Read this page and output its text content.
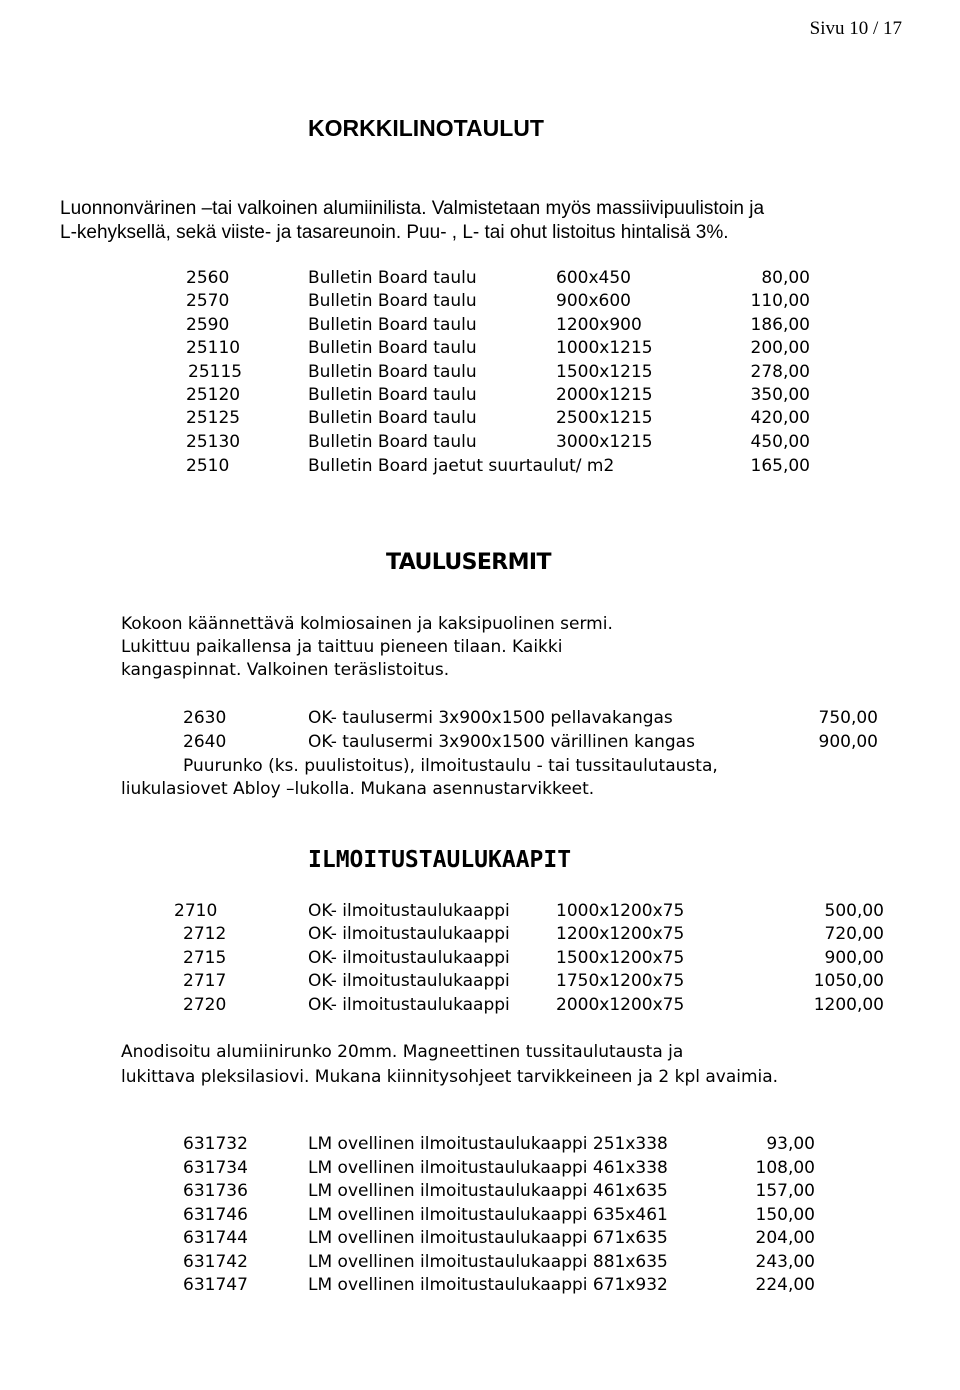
Sivu 10 / 17
KORKKILINOTAULUT
Luonnonvärinen –tai valkoinen alumiinilista. Valmistetaan myös massiivipuulistoin ja
L-kehyksellä, sekä viiste- ja tasareunoin. Puu- , L- tai ohut listoitus hintalisä 3%.
2560	Bulletin Board taulu	600x450	80,00
2570	Bulletin Board taulu	900x600	110,00
2590	Bulletin Board taulu	1200x900	186,00
25110	Bulletin Board taulu	1000x1215	200,00
25115	Bulletin Board taulu	1500x1215	278,00
25120	Bulletin Board taulu	2000x1215	350,00
25125	Bulletin Board taulu	2500x1215	420,00
25130	Bulletin Board taulu	3000x1215	450,00
2510	Bulletin Board jaetut suurtaulut/ m2	165,00
TAULUSERMIT
Kokoon käännettävä kolmiosainen ja kaksipuolinen sermi.
Lukittuu paikallensa ja taittuu pieneen tilaan. Kaikki
kangaspinnat. Valkoinen teräslistoitus.
2630	OK- taulusermi 3x900x1500 pellavakangas	750,00
2640	OK- taulusermi 3x900x1500 värillinen kangas	900,00
Puurunko (ks. puulistoitus), ilmoitustaulu - tai tussitaulutausta,
liukulasiovet Abloy –lukolla. Mukana asennustarvikkeet.
ILMOITUSTAULUKAAPIT
2710	OK- ilmoitustaulukaappi	1000x1200x75	500,00
2712	OK- ilmoitustaulukaappi	1200x1200x75	720,00
2715	OK- ilmoitustaulukaappi	1500x1200x75	900,00
2717	OK- ilmoitustaulukaappi	1750x1200x75	1050,00
2720	OK- ilmoitustaulukaappi	2000x1200x75	1200,00
Anodisoitu alumiinirunko 20mm. Magneettinen tussitaulutausta ja
lukittava pleksilasiovi. Mukana kiinnitysohjeet tarvikkeineen ja 2 kpl avaimia.
631732	LM ovellinen ilmoitustaulukaappi 251x338	93,00
631734	LM ovellinen ilmoitustaulukaappi 461x338	108,00
631736	LM ovellinen ilmoitustaulukaappi 461x635	157,00
631746	LM ovellinen ilmoitustaulukaappi 635x461	150,00
631744	LM ovellinen ilmoitustaulukaappi 671x635	204,00
631742	LM ovellinen ilmoitustaulukaappi 881x635	243,00
631747	LM ovellinen ilmoitustaulukaappi 671x932	224,00
